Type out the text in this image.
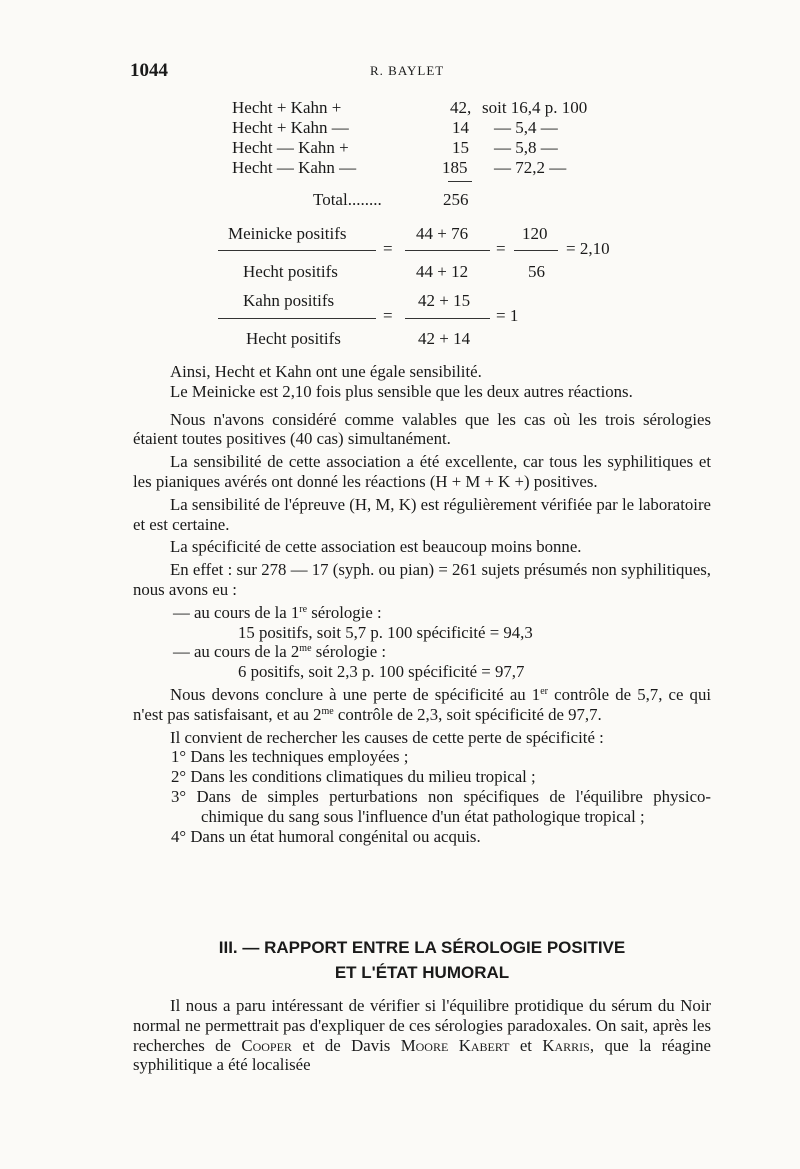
1044	R. BAYLET
Hecht + Kahn +	42, soit 16,4 p. 100
Hecht + Kahn —	14 — 5,4 —
Hecht — Kahn +	15 — 5,8 —
Hecht — Kahn —	185 — 72,2 —
Total........	256
Meinicke positifs
=
Hecht positifs
44 + 76
=
44 + 12
120
56
= 2,10
Kahn positifs
=
Hecht positifs
42 + 15
= 1
42 + 14

Ainsi, Hecht et Kahn ont une égale sensibilité.

Le Meinicke est 2,10 fois plus sensible que les deux autres réactions.

Nous n'avons considéré comme valables que les cas où les trois sérologies étaient toutes positives (40 cas) simultanément.

La sensibilité de cette association a été excellente, car tous les syphilitiques et les pianiques avérés ont donné les réactions (H + M + K +) positives.

La sensibilité de l'épreuve (H, M, K) est régulièrement vérifiée par le laboratoire et est certaine.

La spécificité de cette association est beaucoup moins bonne.

En effet : sur 278 — 17 (syph. ou pian) = 261 sujets présumés non syphilitiques, nous avons eu :

— au cours de la 1re sérologie :

15 positifs, soit 5,7 p. 100 spécificité = 94,3

— au cours de la $2^{me}$ sérologie :

6 positifs, soit 2,3 p. 100 spécificité = 97,7

Nous devons conclure à une perte de spécificité au 1er contrôle de 5,7, ce qui n'est pas satisfaisant, et au $2^{me}$ contrôle de 2,3, soit spécificité de 97,7.

Il convient de rechercher les causes de cette perte de spécificité :

1° Dans les techniques employées ;

2° Dans les conditions climatiques du milieu tropical ;

3° Dans de simples perturbations non spécifiques de l'équilibre physico-chimique du sang sous l'influence d'un état pathologique tropical ;

4° Dans un état humoral congénital ou acquis.

III. — RAPPORT ENTRE LA SÉROLOGIE POSITIVE
ET L'ÉTAT HUMORAL

Il nous a paru intéressant de vérifier si l'équilibre protidique du sérum du Noir normal ne permettrait pas d'expliquer de ces sérologies paradoxales. On sait, après les recherches de Cooper et de Davis Moore Kabert et Karris, que la réagine syphilitique a été localisée
